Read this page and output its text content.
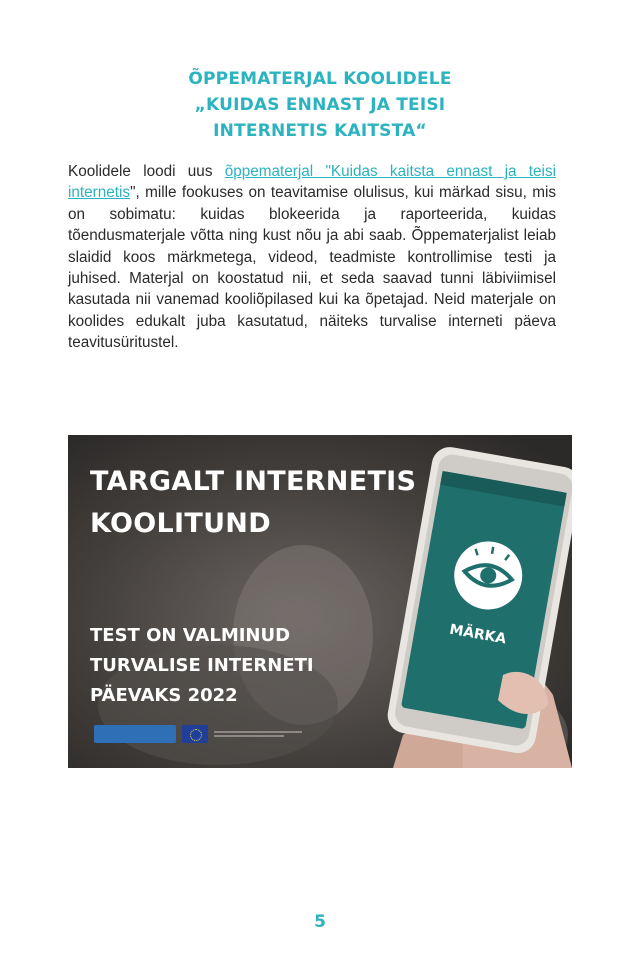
ÕPPEMATERJAL KOOLIDELE
„KUIDAS ENNAST JA TEISI
INTERNETIS KAITSTA“
Koolidele loodi uus õppematerjal "Kuidas kaitsta ennast ja teisi internetis", mille fookuses on teavitamise olulisus, kui märkad sisu, mis on sobimatu: kuidas blokeerida ja raporteerida, kuidas tõendusmaterjale võtta ning kust nõu ja abi saab. Õppematerjalist leiab slaidid koos märkmetega, videod, teadmiste kontrollimise testi ja juhised. Materjal on koostatud nii, et seda saavad tunni läbiviimisel kasutada nii vanemad kooliõpilased kui ka õpetajad. Neid materjale on koolides edukalt juba kasutatud, näiteks turvalise interneti päeva teavitusüritustel.
TARGALT INTERNETIS
KOOLITUND
TEST ON VALMINUD
TURVALISE INTERNETI
PÄEVAKS 2022
MÄRKA
5
